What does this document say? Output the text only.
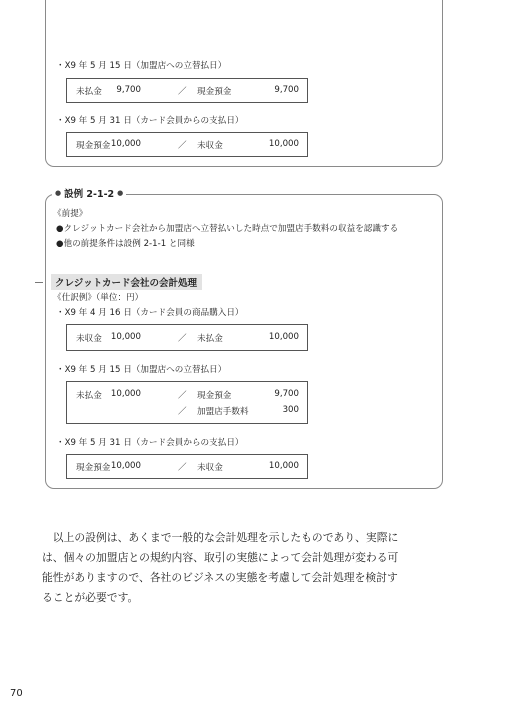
・X9 年 5 月 15 日（加盟店への立替払日）
未払金 9,700	／ 現金預金	9,700
・X9 年 5 月 31 日（カード会員からの支払日）
現金預金 10,000	／ 未収金	10,000
● 設例 2-1-2 ●
《前提》
●クレジットカード会社から加盟店へ立替払いした時点で加盟店手数料の収益を認識する
●他の前提条件は設例 2-1-1 と同様
クレジットカード会社の会計処理
《仕訳例》（単位：円）
・X9 年 4 月 16 日（カード会員の商品購入日）
未収金 10,000	／ 未払金	10,000
・X9 年 5 月 15 日（加盟店への立替払日）
未払金 10,000	／ 現金預金	9,700
／ 加盟店手数料	300
・X9 年 5 月 31 日（カード会員からの支払日）
現金預金 10,000	／ 未収金	10,000

　以上の設例は、あくまで一般的な会計処理を示したものであり、実際に

は、個々の加盟店との規約内容、取引の実態によって会計処理が変わる可

能性がありますので、各社のビジネスの実態を考慮して会計処理を検討す

ることが必要です。

70
